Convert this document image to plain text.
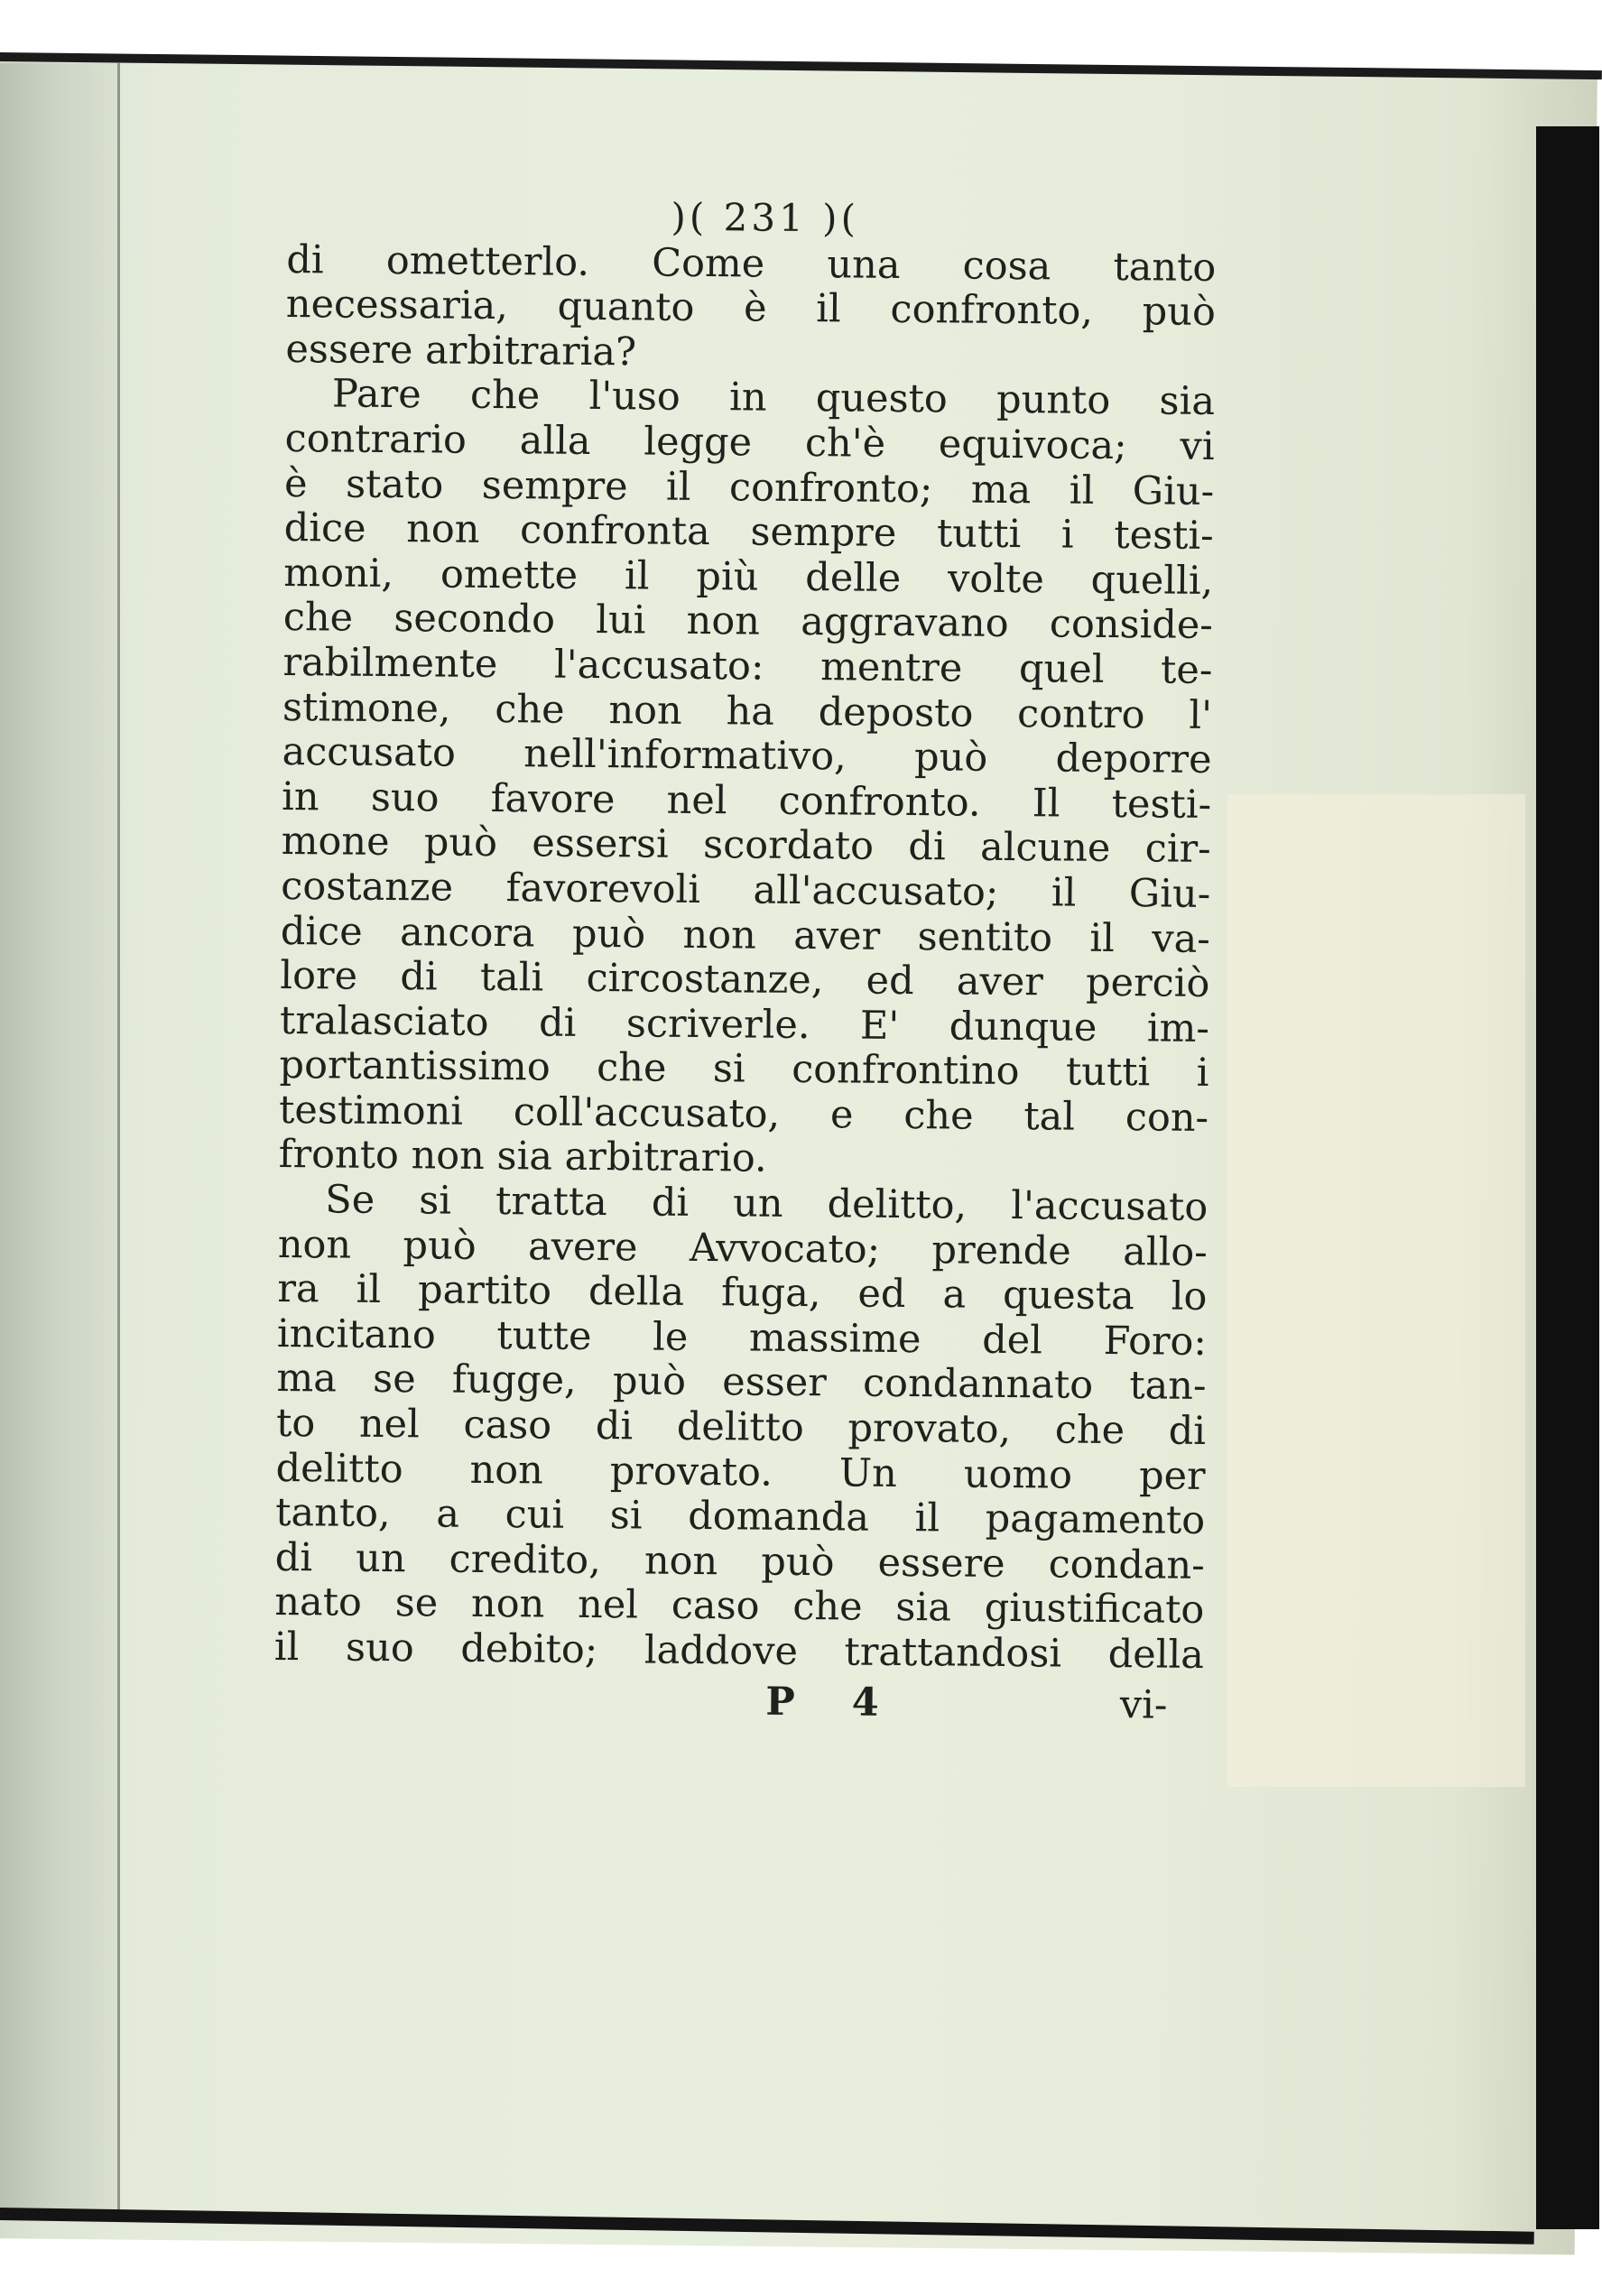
)( 231 )(
di ometterlo. Come una cosa tanto
necessaria, quanto è il confronto, può
essere arbitraria?
Pare che l'uso in questo punto sia
contrario alla legge ch'è equivoca; vi
è stato sempre il confronto; ma il Giu-
dice non confronta sempre tutti i testi-
moni, omette il più delle volte quelli,
che secondo lui non aggravano conside-
rabilmente l'accusato: mentre quel te-
stimone, che non ha deposto contro l'
accusato nell'informativo, può deporre
in suo favore nel confronto. Il testi-
mone può essersi scordato di alcune cir-
costanze favorevoli all'accusato; il Giu-
dice ancora può non aver sentito il va-
lore di tali circostanze, ed aver perciò
tralasciato di scriverle. E' dunque im-
portantissimo che si confrontino tutti i
testimoni coll'accusato, e che tal con-
fronto non sia arbitrario.
Se si tratta di un delitto, l'accusato
non può avere Avvocato; prende allo-
ra il partito della fuga, ed a questa lo
incitano tutte le massime del Foro:
ma se fugge, può esser condannato tan-
to nel caso di delitto provato, che di
delitto non provato. Un uomo per
tanto, a cui si domanda il pagamento
di un credito, non può essere condan-
nato se non nel caso che sia giustificato
il suo debito; laddove trattandosi della
P 4	vi-
